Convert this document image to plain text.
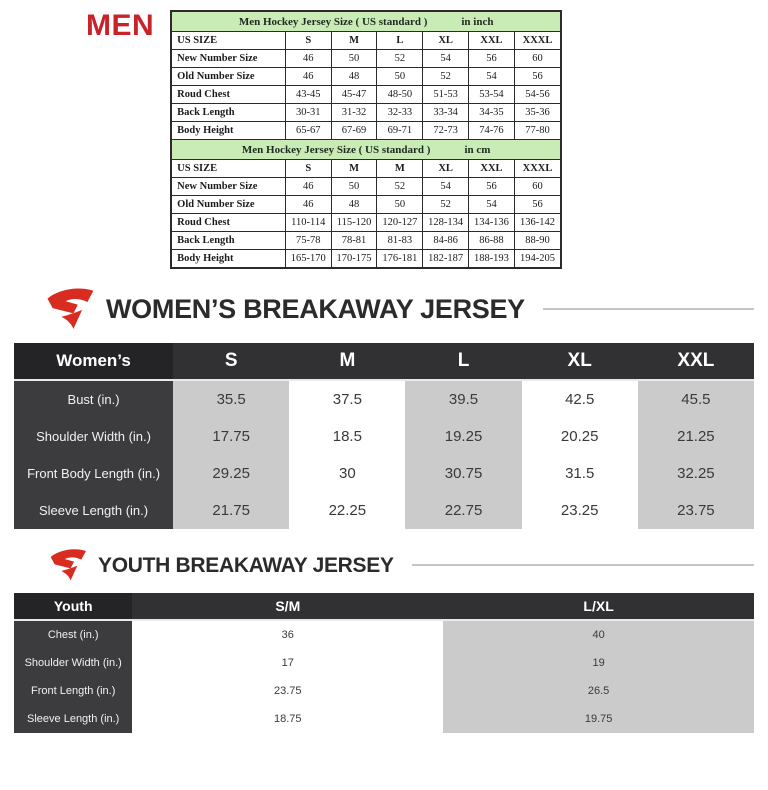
MEN	Men Hockey Jersey Size ( US standard )	in inch
US SIZE	S	M	L	XL	XXL	XXXL
New Number Size	46	50	52	54	56	60
Old Number Size	46	48	50	52	54	56
Roud Chest	43-45	45-47	48-50	51-53	53-54	54-56
Back Length	30-31	31-32	32-33	33-34	34-35	35-36
Body Height	65-67	67-69	69-71	72-73	74-76	77-80
Men Hockey Jersey Size ( US standard )	in cm
US SIZE	S	M	M	XL	XXL	XXXL
New Number Size	46	50	52	54	56	60
Old Number Size	46	48	50	52	54	56
Roud Chest	110-114	115-120	120-127	128-134	134-136	136-142
Back Length	75-78	78-81	81-83	84-86	86-88	88-90
Body Height	165-170	170-175	176-181	182-187	188-193	194-205
WOMEN’S BREAKAWAY JERSEY
Women’s	S	M	L	XL	XXL
Bust (in.)	35.5	37.5	39.5	42.5	45.5
Shoulder Width (in.)	17.75	18.5	19.25	20.25	21.25
Front Body Length (in.)	29.25	30	30.75	31.5	32.25
Sleeve Length (in.)	21.75	22.25	22.75	23.25	23.75
YOUTH BREAKAWAY JERSEY
Youth	S/M	L/XL
Chest (in.)	36	40
Shoulder Width (in.)	17	19
Front Length (in.)	23.75	26.5
Sleeve Length (in.)	18.75	19.75
